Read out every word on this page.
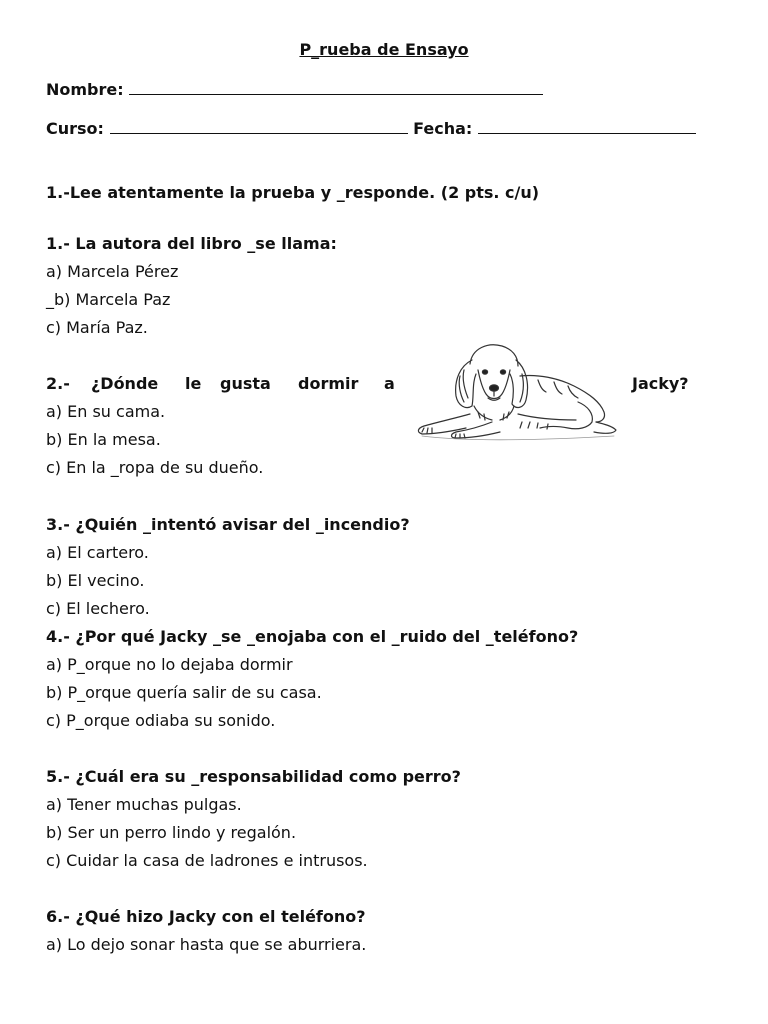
P_rueba de Ensayo
Nombre:
Curso:	Fecha:
1.-Lee atentamente la prueba y _responde. (2 pts. c/u)
1.- La autora del libro _se llama:
a) Marcela Pérez
_b) Marcela Paz
c) María Paz.
2.- ¿Dónde le gusta dormir a	Jacky?
a) En su cama.
b) En la mesa.
c) En la _ropa de su dueño.
3.- ¿Quién _intentó avisar del _incendio?
a) El cartero.
b) El vecino.
c) El lechero.
4.- ¿Por qué Jacky _se _enojaba con el _ruido del _teléfono?
a) P_orque no lo dejaba dormir
b) P_orque quería salir de su casa.
c) P_orque odiaba su sonido.
5.- ¿Cuál era su _responsabilidad como perro?
a) Tener muchas pulgas.
b) Ser un perro lindo y regalón.
c) Cuidar la casa de ladrones e intrusos.
6.- ¿Qué hizo Jacky con el teléfono?
a) Lo dejo sonar hasta que se aburriera.
